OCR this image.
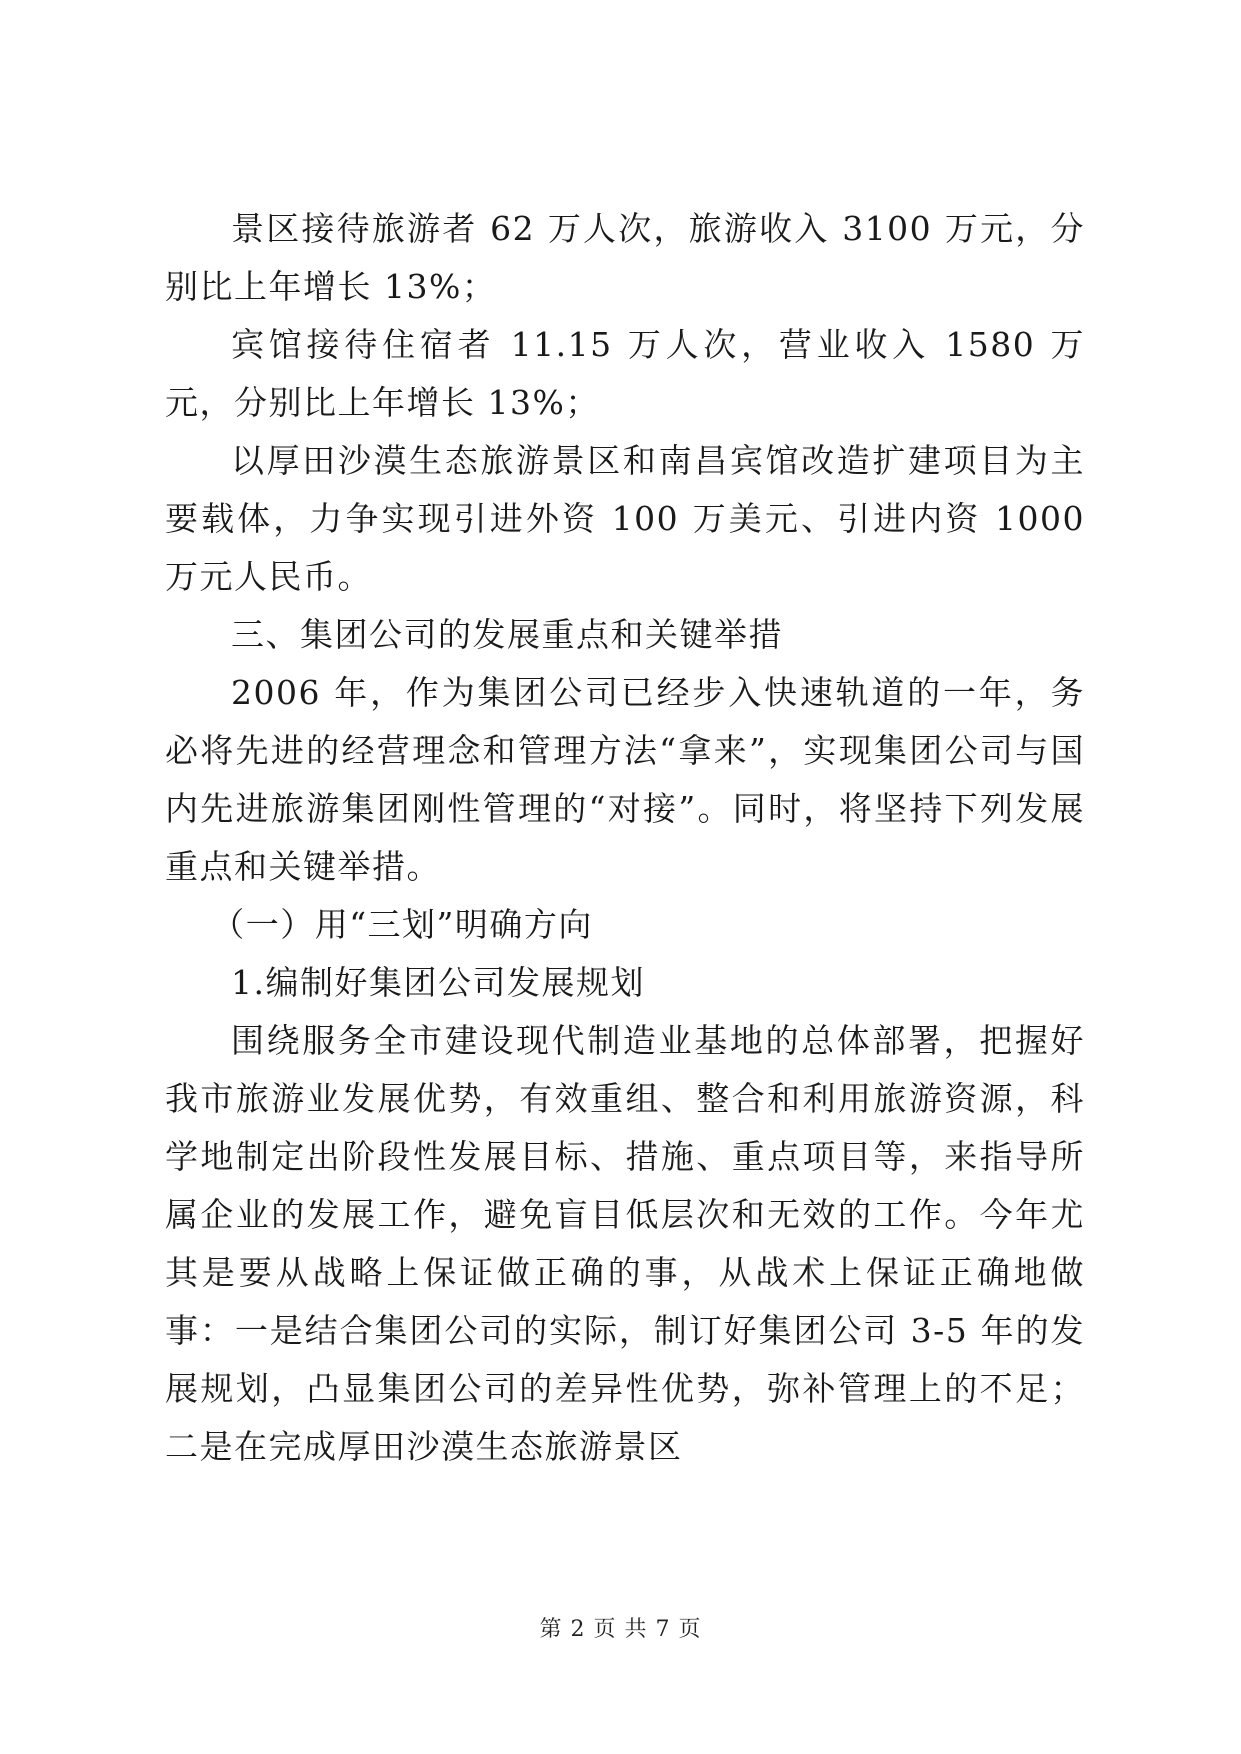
景区接待旅游者 62 万人次，旅游收入 3100 万元，分别比上年增长 13%；

宾馆接待住宿者 11.15 万人次，营业收入 1580 万元，分别比上年增长 13%；

以厚田沙漠生态旅游景区和南昌宾馆改造扩建项目为主要载体，力争实现引进外资 100 万美元、引进内资 1000 万元人民币。

三、集团公司的发展重点和关键举措

2006 年，作为集团公司已经步入快速轨道的一年，务必将先进的经营理念和管理方法“拿来”，实现集团公司与国内先进旅游集团刚性管理的“对接”。同时，将坚持下列发展重点和关键举措。

（一）用“三划”明确方向

1.编制好集团公司发展规划

围绕服务全市建设现代制造业基地的总体部署，把握好我市旅游业发展优势，有效重组、整合和利用旅游资源，科学地制定出阶段性发展目标、措施、重点项目等，来指导所属企业的发展工作，避免盲目低层次和无效的工作。今年尤其是要从战略上保证做正确的事，从战术上保证正确地做事：一是结合集团公司的实际，制订好集团公司 3-5 年的发展规划，凸显集团公司的差异性优势，弥补管理上的不足；二是在完成厚田沙漠生态旅游景区

第 2 页 共 7 页
